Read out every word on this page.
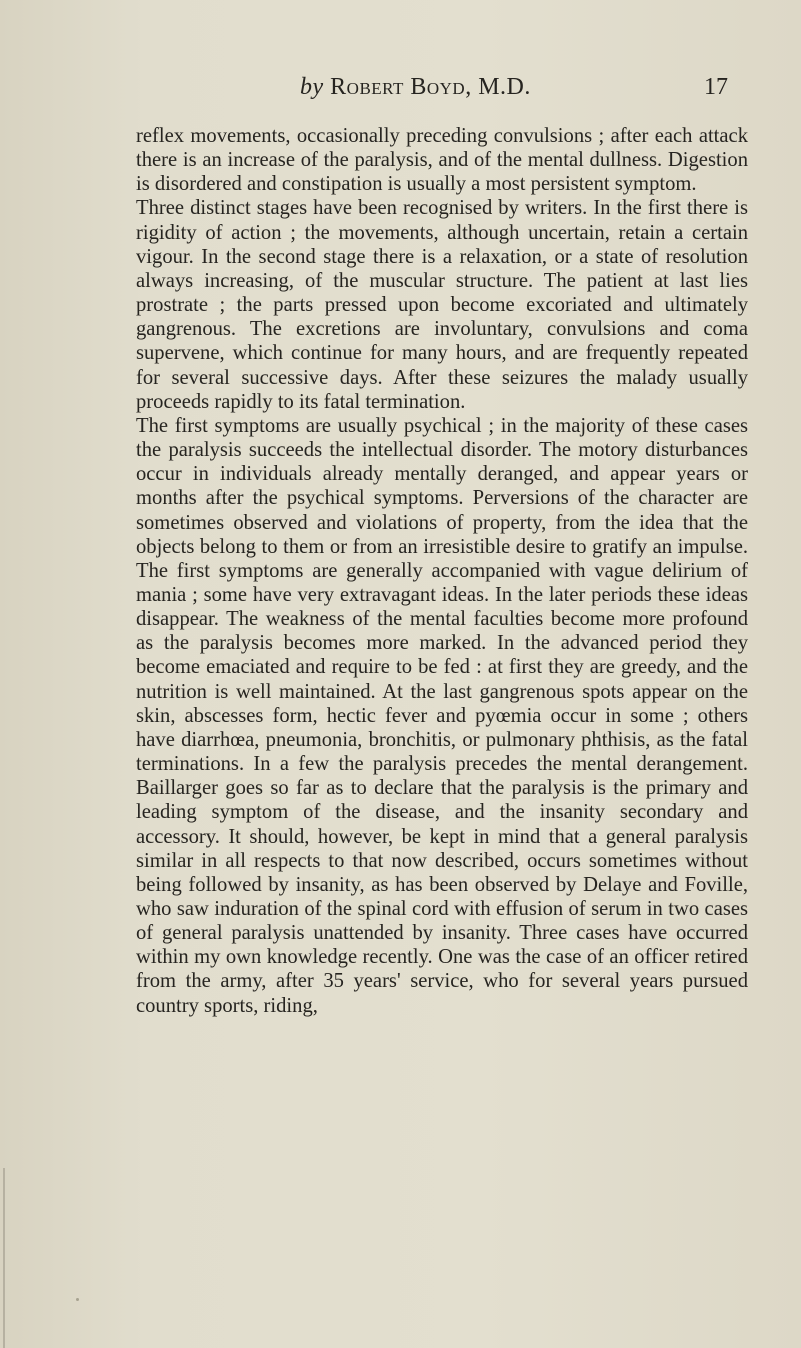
by Robert Boyd, M.D.	17

reflex movements, occasionally preceding convulsions ; after each attack there is an increase of the paralysis, and of the mental dullness. Digestion is disordered and constipation is usually a most persistent symptom.

Three distinct stages have been recognised by writers. In the first there is rigidity of action ; the movements, although uncertain, retain a certain vigour. In the second stage there is a relaxation, or a state of resolution always increasing, of the muscular structure. The patient at last lies prostrate ; the parts pressed upon become excoriated and ultimately gangrenous. The excretions are involuntary, convulsions and coma supervene, which continue for many hours, and are frequently repeated for several successive days. After these seizures the malady usually proceeds rapidly to its fatal termination.

The first symptoms are usually psychical ; in the majority of these cases the paralysis succeeds the intellectual disorder. The motory disturbances occur in individuals already mentally deranged, and appear years or months after the psychical symptoms. Perversions of the character are sometimes observed and violations of property, from the idea that the objects belong to them or from an irresistible desire to gratify an impulse. The first symptoms are generally accompanied with vague delirium of mania ; some have very extravagant ideas. In the later periods these ideas disappear. The weakness of the mental faculties become more profound as the paralysis becomes more marked. In the advanced period they become emaciated and require to be fed : at first they are greedy, and the nutrition is well maintained. At the last gangrenous spots appear on the skin, abscesses form, hectic fever and pyœmia occur in some ; others have diarrhœa, pneumonia, bronchitis, or pulmonary phthisis, as the fatal terminations. In a few the paralysis precedes the mental derangement. Baillarger goes so far as to declare that the paralysis is the primary and leading symptom of the disease, and the insanity secondary and accessory. It should, however, be kept in mind that a general paralysis similar in all respects to that now described, occurs sometimes without being followed by insanity, as has been observed by Delaye and Foville, who saw induration of the spinal cord with effusion of serum in two cases of general paralysis unattended by insanity. Three cases have occurred within my own knowledge recently. One was the case of an officer retired from the army, after 35 years' service, who for several years pursued country sports, riding,
